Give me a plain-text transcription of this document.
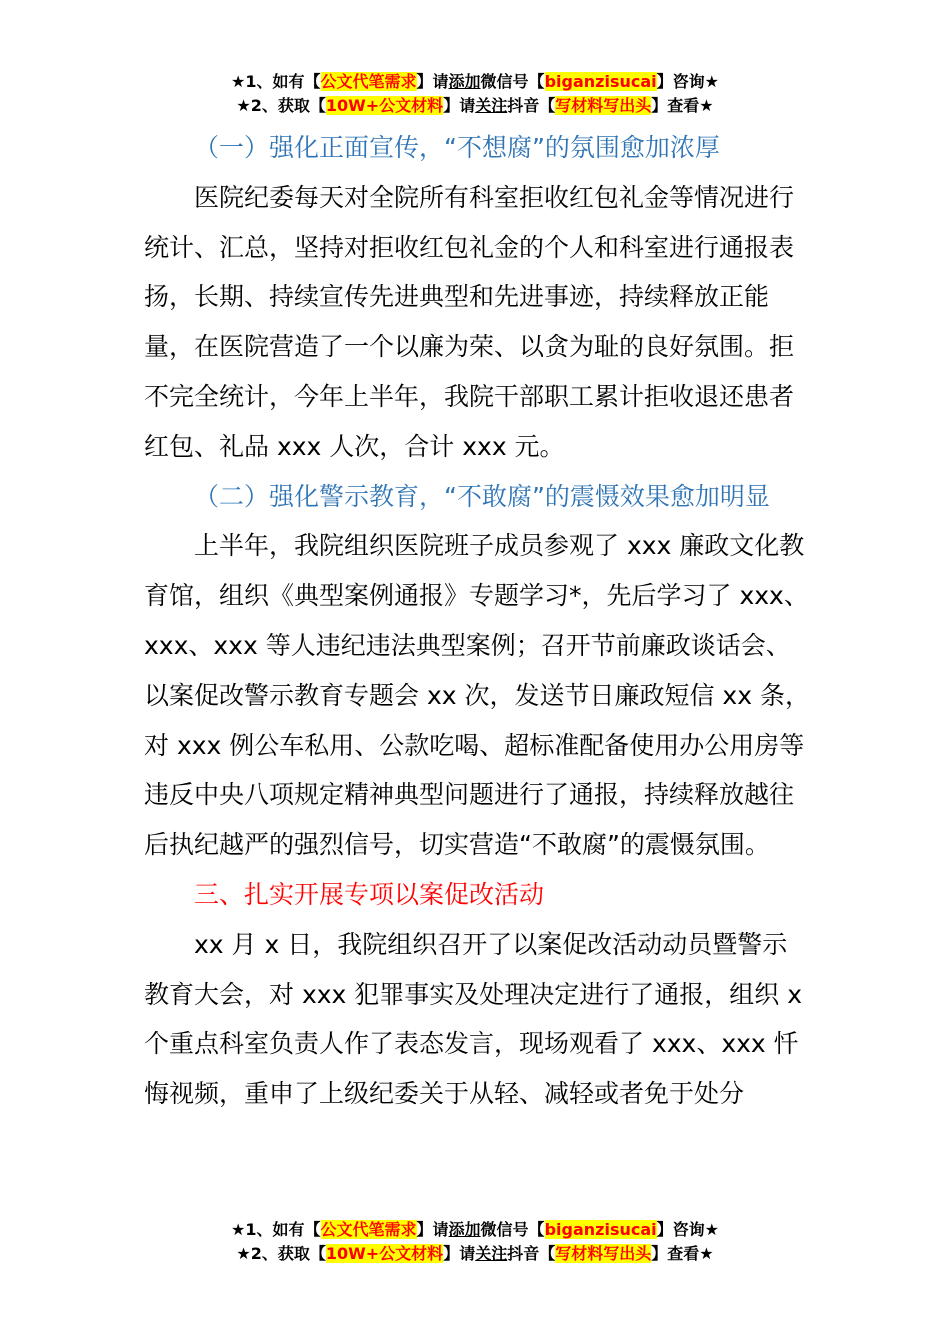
★1、如有【公文代笔需求】请添加微信号【biganzisucai】咨询★
★2、获取【10W+公文材料】请关注抖音【写材料写出头】查看★

（一）强化正面宣传，“不想腐”的氛围愈加浓厚

医院纪委每天对全院所有科室拒收红包礼金等情况进行统计、汇总，坚持对拒收红包礼金的个人和科室进行通报表扬，长期、持续宣传先进典型和先进事迹，持续释放正能量，在医院营造了一个以廉为荣、以贪为耻的良好氛围。拒不完全统计，今年上半年，我院干部职工累计拒收退还患者红包、礼品 xxx 人次，合计 xxx 元。

（二）强化警示教育，“不敢腐”的震慑效果愈加明显

上半年，我院组织医院班子成员参观了 xxx 廉政文化教育馆，组织《典型案例通报》专题学习*，先后学习了 xxx、xxx、xxx 等人违纪违法典型案例；召开节前廉政谈话会、以案促改警示教育专题会 xx 次，发送节日廉政短信 xx 条，对 xxx 例公车私用、公款吃喝、超标准配备使用办公用房等违反中央八项规定精神典型问题进行了通报，持续释放越往后执纪越严的强烈信号，切实营造“不敢腐”的震慑氛围。

三、扎实开展专项以案促改活动

xx 月 x 日，我院组织召开了以案促改活动动员暨警示教育大会，对 xxx 犯罪事实及处理决定进行了通报，组织 x 个重点科室负责人作了表态发言，现场观看了 xxx、xxx 忏悔视频，重申了上级纪委关于从轻、减轻或者免于处分

★1、如有【公文代笔需求】请添加微信号【biganzisucai】咨询★
★2、获取【10W+公文材料】请关注抖音【写材料写出头】查看★
